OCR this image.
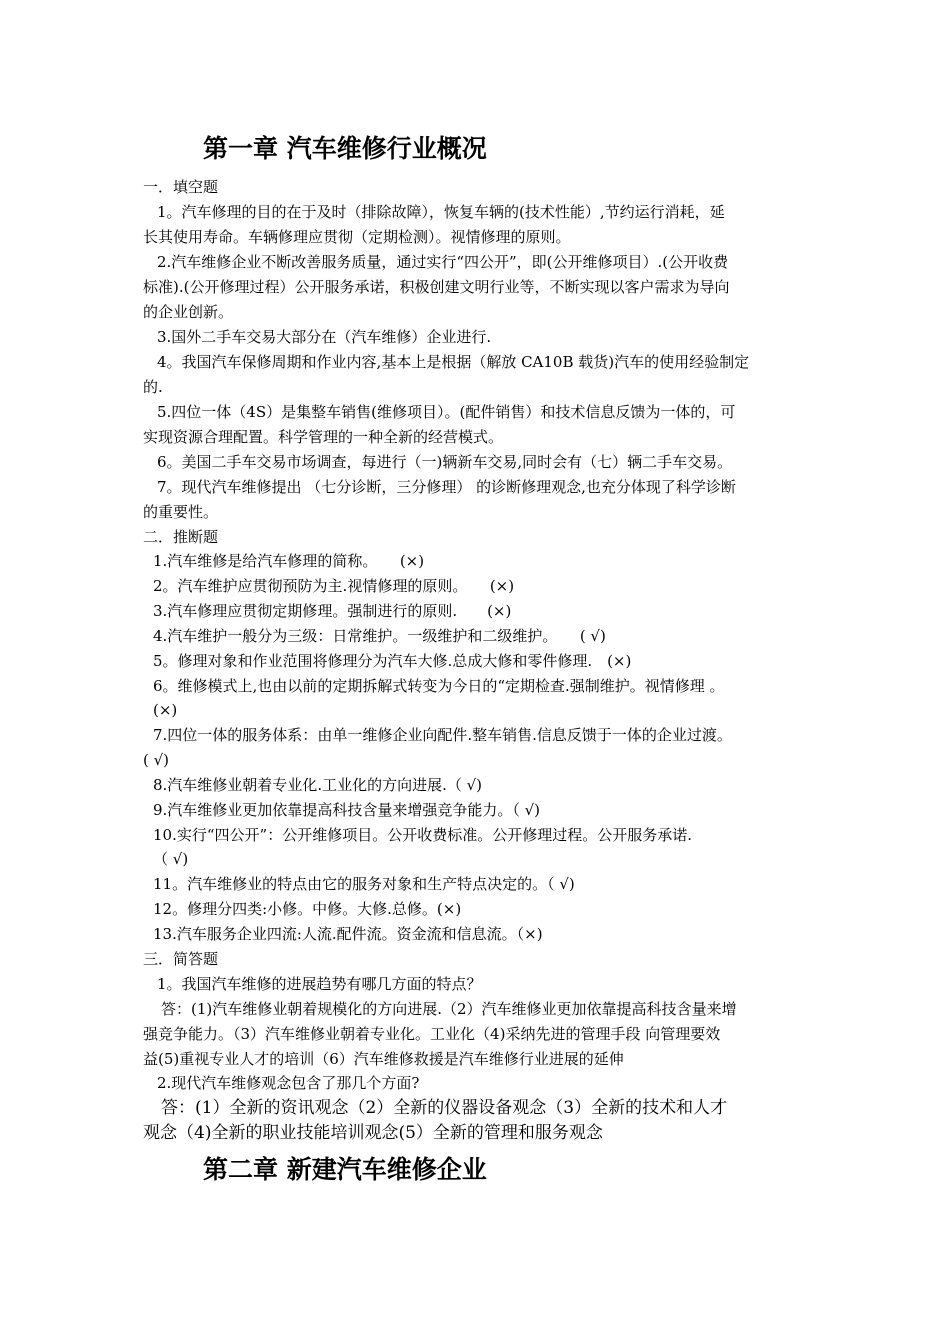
第一章 汽车维修行业概况
一．填空题
1。汽车修理的目的在于及时（排除故障），恢复车辆的(技术性能）,节约运行消耗，延
长其使用寿命。车辆修理应贯彻（定期检测）。视情修理的原则。
2.汽车维修企业不断改善服务质量，通过实行“四公开”，即(公开维修项目）.(公开收费
标准).(公开修理过程）公开服务承诺，积极创建文明行业等，不断实现以客户需求为导向
的企业创新。
3.国外二手车交易大部分在（汽车维修）企业进行.
4。我国汽车保修周期和作业内容,基本上是根据（解放 CA10B 载货)汽车的使用经验制定
的.
5.四位一体（4S）是集整车销售(维修项目）。(配件销售）和技术信息反馈为一体的，可
实现资源合理配置。科学管理的一种全新的经营模式。
6。美国二手车交易市场调查，每进行（一)辆新车交易,同时会有（七）辆二手车交易。
7。现代汽车维修提出 （七分诊断，三分修理） 的诊断修理观念,也充分体现了科学诊断
的重要性。
二．推断题
1.汽车维修是给汽车修理的简称。　　(×)
2。汽车维护应贯彻预防为主.视情修理的原则。　　(×)
3.汽车修理应贯彻定期修理。强制进行的原则.　　(×)
4.汽车维护一般分为三级：日常维护。一级维护和二级维护。　　( √)
5。修理对象和作业范围将修理分为汽车大修.总成大修和零件修理.　(×)
6。维修模式上,也由以前的定期拆解式转变为今日的“定期检查.强制维护。视情修理 。
(×)
7.四位一体的服务体系：由单一维修企业向配件.整车销售.信息反馈于一体的企业过渡。
( √)
8.汽车维修业朝着专业化.工业化的方向进展.（ √)
9.汽车维修业更加依靠提高科技含量来增强竞争能力。（ √)
10.实行“四公开”：公开维修项目。公开收费标准。公开修理过程。公开服务承诺.
（ √)
11。汽车维修业的特点由它的服务对象和生产特点决定的。（ √)
12。修理分四类:小修。中修。大修.总修。(×)
13.汽车服务企业四流:人流.配件流。资金流和信息流。（×)
三．简答题
1。我国汽车维修的进展趋势有哪几方面的特点？
答：(1)汽车维修业朝着规模化的方向进展.（2）汽车维修业更加依靠提高科技含量来增
强竞争能力。（3）汽车维修业朝着专业化。工业化（4)采纳先进的管理手段 向管理要效
益(5)重视专业人才的培训（6）汽车维修救援是汽车维修行业进展的延伸
2.现代汽车维修观念包含了那几个方面?
答：(1）全新的资讯观念（2）全新的仪器设备观念（3）全新的技术和人才
观念（4)全新的职业技能培训观念(5）全新的管理和服务观念
第二章 新建汽车维修企业
